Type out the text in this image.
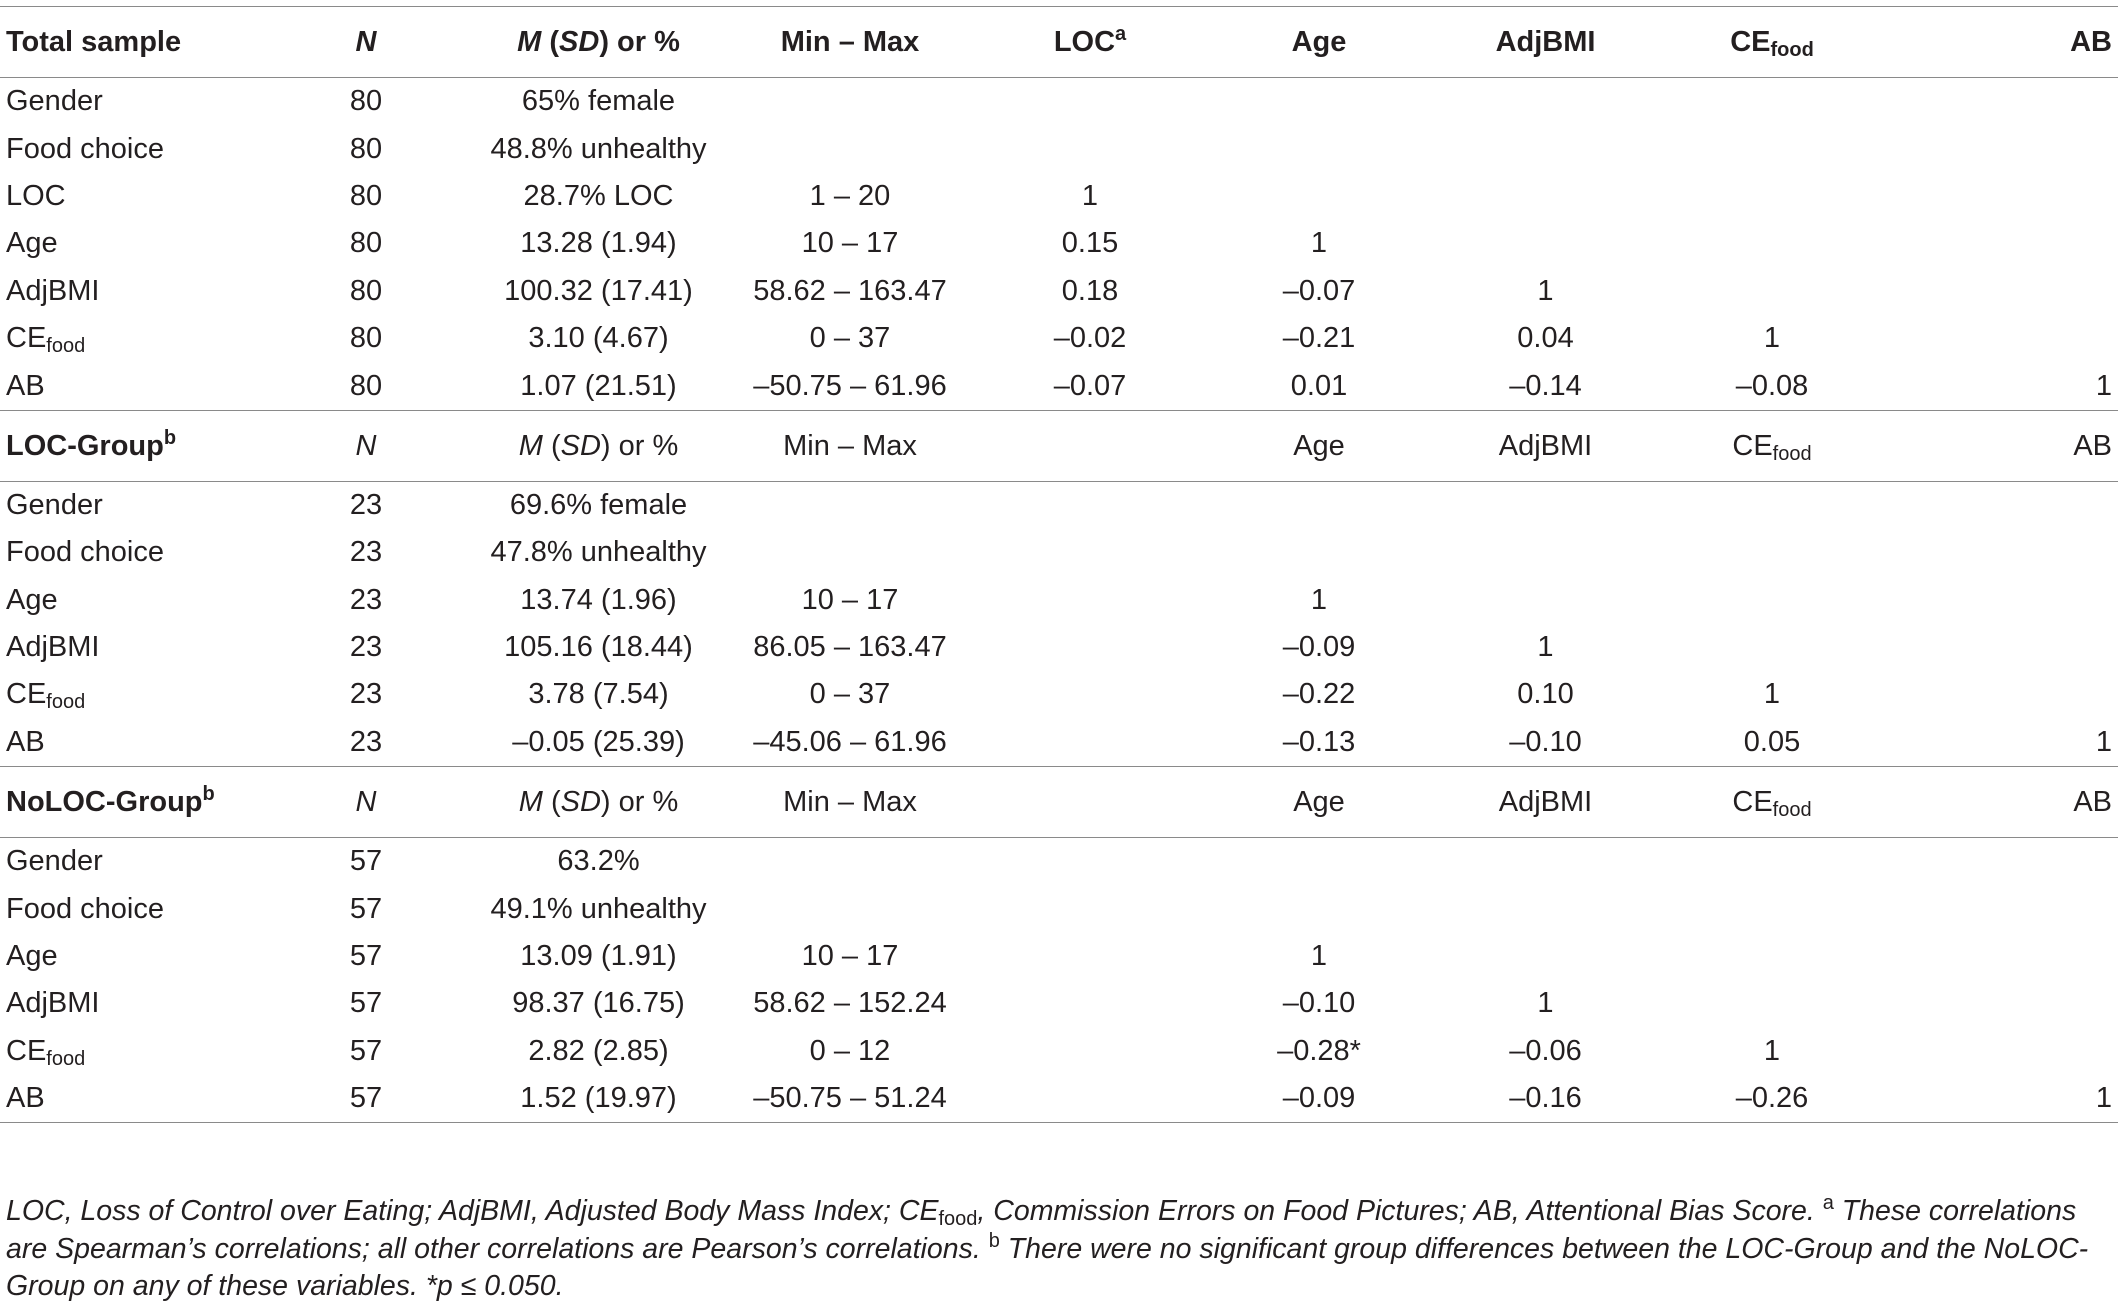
Total sample	N	M (SD) or %	Min – Max	LOC$^a$	Age	AdjBMI	$CE_{food}$	AB
Gender	80	65% female						
Food choice	80	48.8% unhealthy						
LOC	80	28.7% LOC	1 – 20	1				
Age	80	13.28 (1.94)	10 – 17	0.15	1			
AdjBMI	80	100.32 (17.41)	58.62 – 163.47	0.18	–0.07	1		
$CE_{food}$	80	3.10 (4.67)	0 – 37	–0.02	–0.21	0.04	1	
AB	80	1.07 (21.51)	–50.75 – 61.96	–0.07	0.01	–0.14	–0.08	1
LOC-Group$^b$	N	M (SD) or %	Min – Max		Age	AdjBMI	$CE_{food}$	AB
Gender	23	69.6% female						
Food choice	23	47.8% unhealthy						
Age	23	13.74 (1.96)	10 – 17		1			
AdjBMI	23	105.16 (18.44)	86.05 – 163.47		–0.09	1		
$CE_{food}$	23	3.78 (7.54)	0 – 37		–0.22	0.10	1	
AB	23	–0.05 (25.39)	–45.06 – 61.96		–0.13	–0.10	0.05	1
NoLOC-Group$^b$	N	M (SD) or %	Min – Max		Age	AdjBMI	$CE_{food}$	AB
Gender	57	63.2%						
Food choice	57	49.1% unhealthy						
Age	57	13.09 (1.91)	10 – 17		1			
AdjBMI	57	98.37 (16.75)	58.62 – 152.24		–0.10	1		
$CE_{food}$	57	2.82 (2.85)	0 – 12		–0.28*	–0.06	1	
AB	57	1.52 (19.97)	–50.75 – 51.24		–0.09	–0.16	–0.26	1
LOC, Loss of Control over Eating; AdjBMI, Adjusted Body Mass Index; $CE_{food}$, Commission Errors on Food Pictures; AB, Attentional Bias Score. $^a$ These correlations are Spearman’s correlations; all other correlations are Pearson’s correlations. $^b$ There were no significant group differences between the LOC-Group and the NoLOC-Group on any of these variables. *p ≤ 0.050.
